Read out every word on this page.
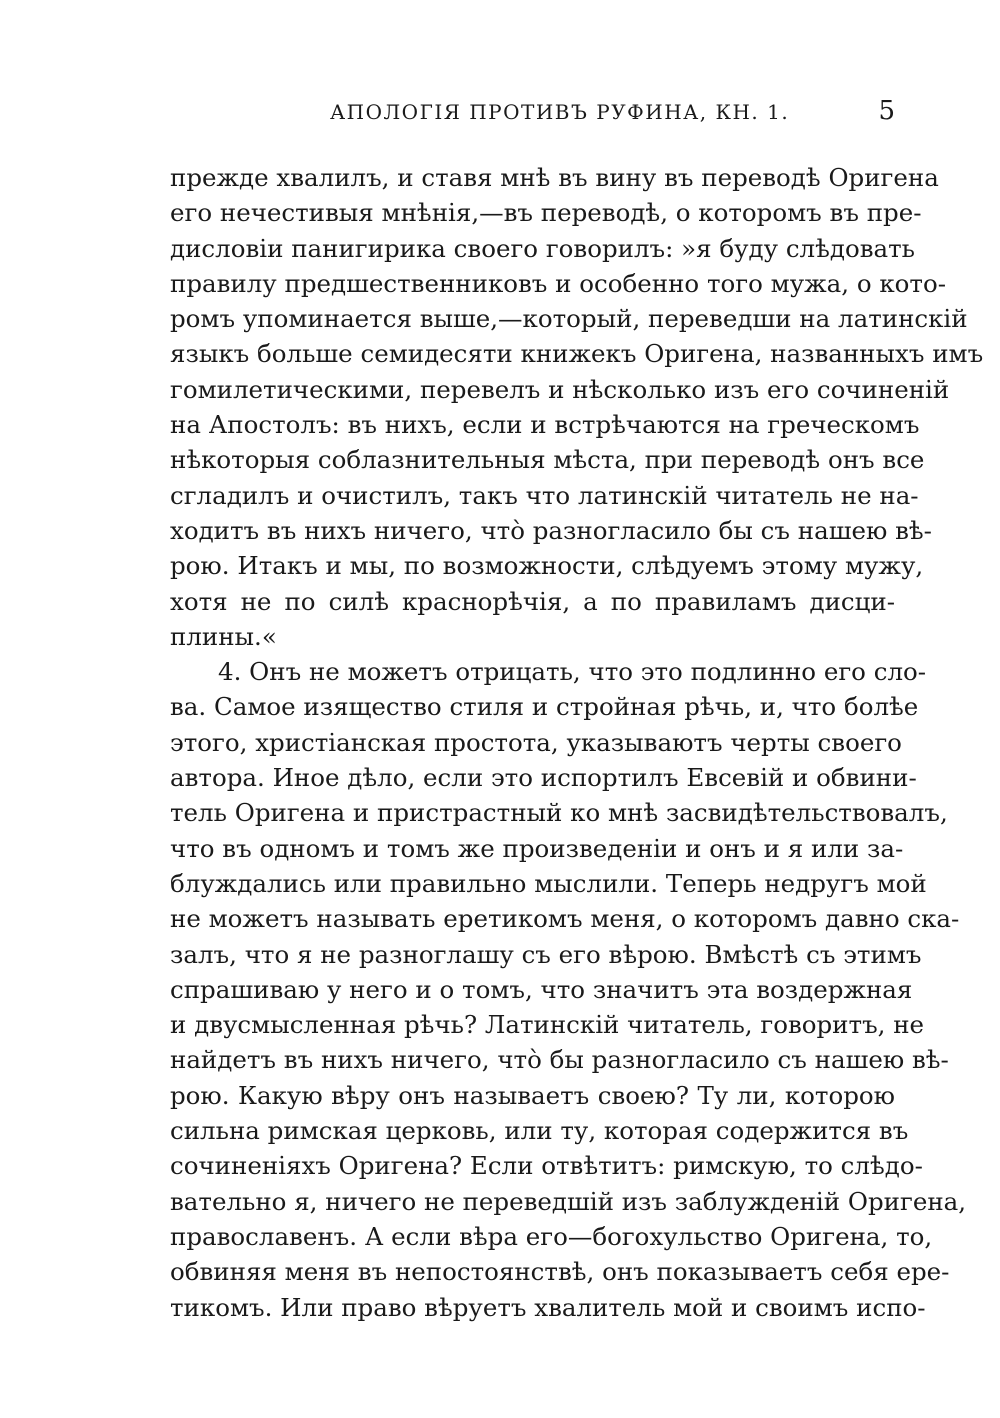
АПОЛОГІЯ ПРОТИВЪ РУФИНА, КН. 1.	5
прежде хвалилъ, и ставя мнѣ въ вину въ переводѣ Оригена
его нечестивыя мнѣнія,—въ переводѣ, о которомъ въ пре-
дисловіи панигирика своего говорилъ: »я буду слѣдовать
правилу предшественниковъ и особенно того мужа, о кото-
ромъ упоминается выше,—который, переведши на латинскій
языкъ больше семидесяти книжекъ Оригена, названныхъ имъ
гомилетическими, перевелъ и нѣсколько изъ его сочиненій
на Апостолъ: въ нихъ, если и встрѣчаются на греческомъ
нѣкоторыя соблазнительныя мѣста, при переводѣ онъ все
сгладилъ и очистилъ, такъ что латинскій читатель не на-
ходитъ въ нихъ ничего, что̀ разногласило бы съ нашею вѣ-
рою. Итакъ и мы, по возможности, слѣдуемъ этому мужу,
хотя не по силѣ краснорѣчія, а по правиламъ дисци-
плины.«
4. Онъ не можетъ отрицать, что это подлинно его сло-
ва. Самое изящество стиля и стройная рѣчь, и, что болѣе
этого, христіанская простота, указываютъ черты своего
автора. Иное дѣло, если это испортилъ Евсевій и обвини-
тель Оригена и пристрастный ко мнѣ засвидѣтельствовалъ,
что въ одномъ и томъ же произведеніи и онъ и я или за-
блуждались или правильно мыслили. Теперь недругъ мой
не можетъ называть еретикомъ меня, о которомъ давно ска-
залъ, что я не разноглашу съ его вѣрою. Вмѣстѣ съ этимъ
спрашиваю у него и о томъ, что значитъ эта воздержная
и двусмысленная рѣчь? Латинскій читатель, говоритъ, не
найдетъ въ нихъ ничего, что̀ бы разногласило съ нашею вѣ-
рою. Какую вѣру онъ называетъ своею? Ту ли, которою
сильна римская церковь, или ту, которая содержится въ
сочиненіяхъ Оригена? Если отвѣтитъ: римскую, то слѣдо-
вательно я, ничего не переведшій изъ заблужденій Оригена,
православенъ. А если вѣра его—богохульство Оригена, то,
обвиняя меня въ непостоянствѣ, онъ показываетъ себя ере-
тикомъ. Или право вѣруетъ хвалитель мой и своимъ испо-
